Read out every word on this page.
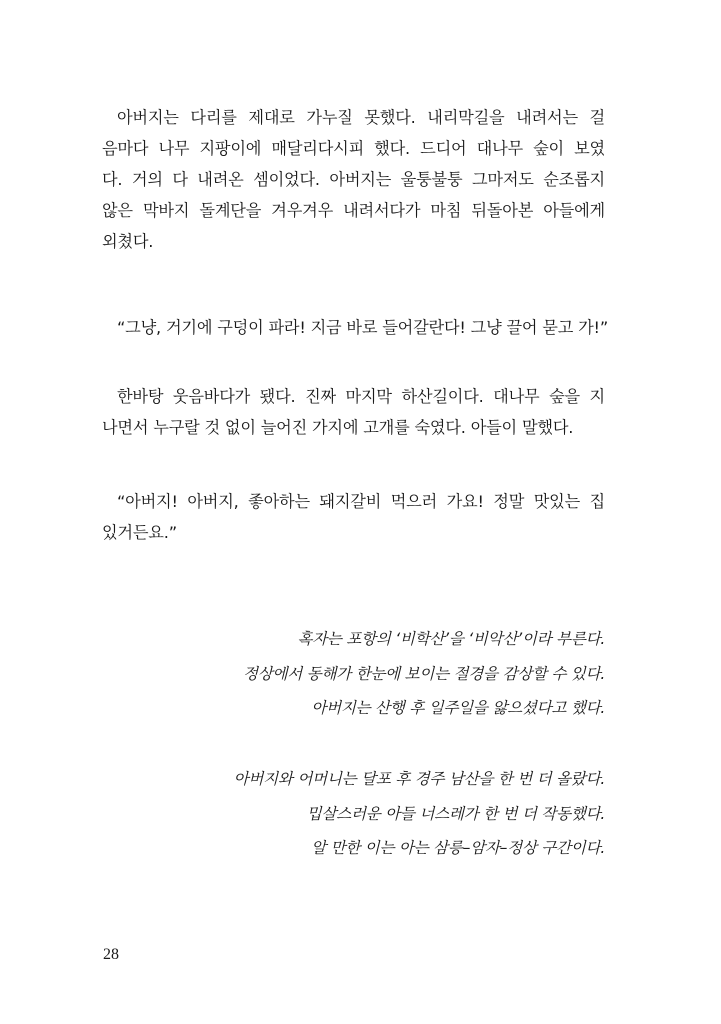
아버지는 다리를 제대로 가누질 못했다. 내리막길을 내려서는 걸
음마다 나무 지팡이에 매달리다시피 했다. 드디어 대나무 숲이 보였
다. 거의 다 내려온 셈이었다. 아버지는 울퉁불퉁 그마저도 순조롭지
않은 막바지 돌계단을 겨우겨우 내려서다가 마침 뒤돌아본 아들에게
외쳤다.

“그냥, 거기에 구덩이 파라! 지금 바로 들어갈란다! 그냥 끌어 묻고 가!”

한바탕 웃음바다가 됐다. 진짜 마지막 하산길이다. 대나무 숲을 지
나면서 누구랄 것 없이 늘어진 가지에 고개를 숙였다. 아들이 말했다.

“아버지! 아버지, 좋아하는 돼지갈비 먹으러 가요! 정말 맛있는 집
있거든요.”

혹자는 포항의 ‘비학산’을 ‘비악산’이라 부른다.
정상에서 동해가 한눈에 보이는 절경을 감상할 수 있다.
아버지는 산행 후 일주일을 앓으셨다고 했다.

아버지와 어머니는 달포 후 경주 남산을 한 번 더 올랐다.
밉살스러운 아들 너스레가 한 번 더 작동했다.
알 만한 이는 아는 삼릉–암자–정상 구간이다.

28
